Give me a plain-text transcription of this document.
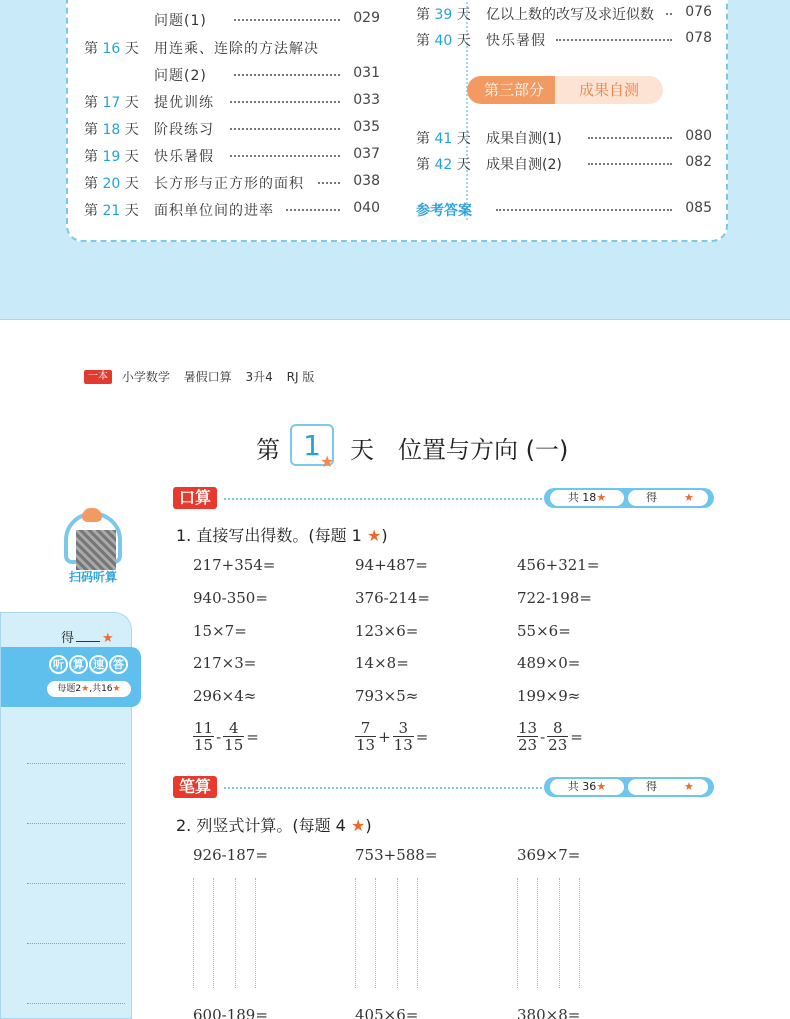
问题(1)	029
第 16 天	用连乘、连除的方法解决
问题(2)	031
第 17 天	提优训练	033
第 18 天	阶段练习	035
第 19 天	快乐暑假	037
第 20 天	长方形与正方形的面积	038
第 21 天	面积单位间的进率	040
第 39 天	亿以上数的改写及求近似数 076
第 40 天	快乐暑假	078
第三部分	成果自测
第 41 天	成果自测(1)	080
第 42 天	成果自测(2)	082
参考答案	085
一本 小学数学 暑假口算 3升4 RJ 版
第 1 ★ 天 位置与方向 (一)
扫码听算
得 ★
听 算 速 答
每题2★,共16★
口算	共 18★	得 ★
1. 直接写出得数。(每题 1 ★)
217+354=	94+487=	456+321=
940-350=	376-214=	722-198=
15×7=	123×6=	55×6=
217×3=	14×8=	489×0=
296×4≈	793×5≈	199×9≈
$\frac{11}{15} - \frac{4}{15}$ =	$\frac{7}{13} + \frac{3}{13}$ =	$\frac{13}{23} - \frac{8}{23}$ =
笔算	共 36★	得 ★
2. 列竖式计算。(每题 4 ★)
926-187=	753+588=	369×7=
600-189=	405×6=	380×8=
